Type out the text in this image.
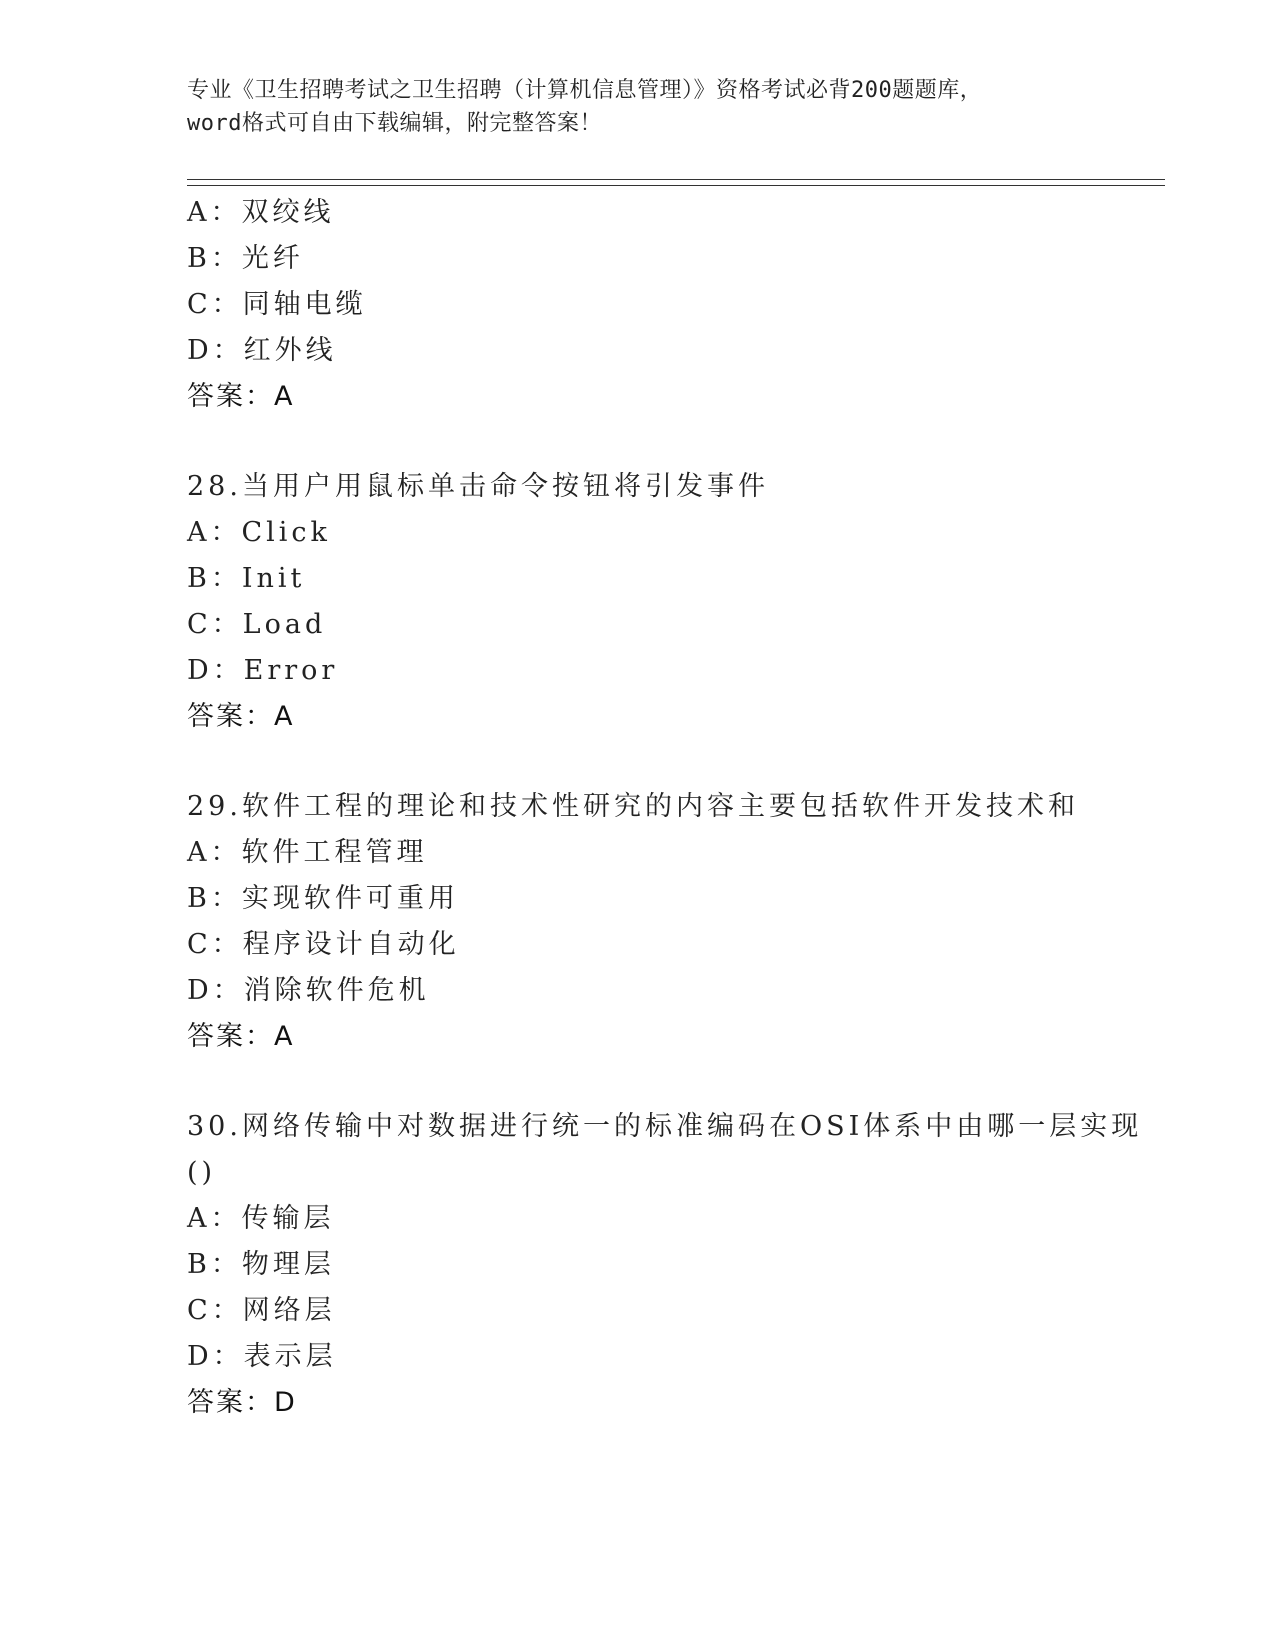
专业《卫生招聘考试之卫生招聘（计算机信息管理）》资格考试必背200题题库，
word格式可自由下载编辑，附完整答案！
A：双绞线
B：光纤
C：同轴电缆
D：红外线
答案：A
28.当用户用鼠标单击命令按钮将引发事件
A：Click
B：Init
C：Load
D：Error
答案：A
29.软件工程的理论和技术性研究的内容主要包括软件开发技术和
A：软件工程管理
B：实现软件可重用
C：程序设计自动化
D：消除软件危机
答案：A
30.网络传输中对数据进行统一的标准编码在OSI体系中由哪一层实现
()
A：传输层
B：物理层
C：网络层
D：表示层
答案：D
